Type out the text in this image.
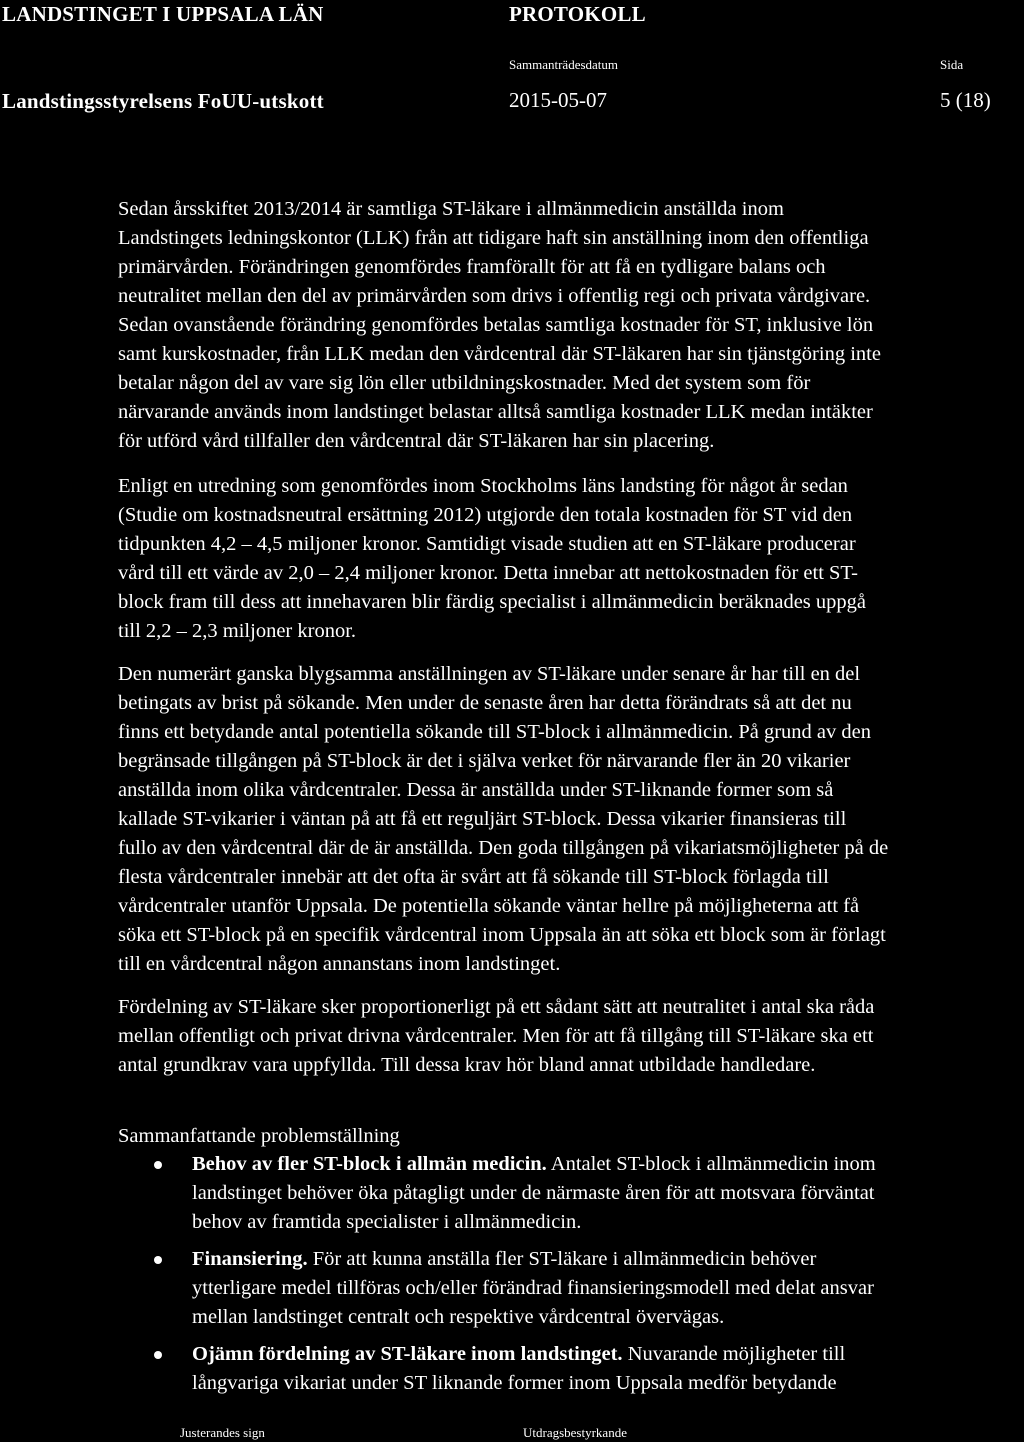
LANDSTINGET I UPPSALA LÄN	PROTOKOLL
Sammanträdesdatum	Sida
Landstingsstyrelsens FoUU-utskott	2015-05-07	5 (18)
Sedan årsskiftet 2013/2014 är samtliga ST-läkare i allmänmedicin anställda inom
Landstingets ledningskontor (LLK) från att tidigare haft sin anställning inom den offentliga
primärvården. Förändringen genomfördes framförallt för att få en tydligare balans och
neutralitet mellan den del av primärvården som drivs i offentlig regi och privata vårdgivare.
Sedan ovanstående förändring genomfördes betalas samtliga kostnader för ST, inklusive lön
samt kurskostnader, från LLK medan den vårdcentral där ST-läkaren har sin tjänstgöring inte
betalar någon del av vare sig lön eller utbildningskostnader. Med det system som för
närvarande används inom landstinget belastar alltså samtliga kostnader LLK medan intäkter
för utförd vård tillfaller den vårdcentral där ST-läkaren har sin placering.
Enligt en utredning som genomfördes inom Stockholms läns landsting för något år sedan
(Studie om kostnadsneutral ersättning 2012) utgjorde den totala kostnaden för ST vid den
tidpunkten 4,2 – 4,5 miljoner kronor. Samtidigt visade studien att en ST-läkare producerar
vård till ett värde av 2,0 – 2,4 miljoner kronor. Detta innebar att nettokostnaden för ett ST-
block fram till dess att innehavaren blir färdig specialist i allmänmedicin beräknades uppgå
till 2,2 – 2,3 miljoner kronor.
Den numerärt ganska blygsamma anställningen av ST-läkare under senare år har till en del
betingats av brist på sökande. Men under de senaste åren har detta förändrats så att det nu
finns ett betydande antal potentiella sökande till ST-block i allmänmedicin. På grund av den
begränsade tillgången på ST-block är det i själva verket för närvarande fler än 20 vikarier
anställda inom olika vårdcentraler. Dessa är anställda under ST-liknande former som så
kallade ST-vikarier i väntan på att få ett reguljärt ST-block. Dessa vikarier finansieras till
fullo av den vårdcentral där de är anställda. Den goda tillgången på vikariatsmöjligheter på de
flesta vårdcentraler innebär att det ofta är svårt att få sökande till ST-block förlagda till
vårdcentraler utanför Uppsala. De potentiella sökande väntar hellre på möjligheterna att få
söka ett ST-block på en specifik vårdcentral inom Uppsala än att söka ett block som är förlagt
till en vårdcentral någon annanstans inom landstinget.
Fördelning av ST-läkare sker proportionerligt på ett sådant sätt att neutralitet i antal ska råda
mellan offentligt och privat drivna vårdcentraler. Men för att få tillgång till ST-läkare ska ett
antal grundkrav vara uppfyllda. Till dessa krav hör bland annat utbildade handledare.
Sammanfattande problemställning
Behov av fler ST-block i allmän medicin. Antalet ST-block i allmänmedicin inom
landstinget behöver öka påtagligt under de närmaste åren för att motsvara förväntat
behov av framtida specialister i allmänmedicin.
Finansiering. För att kunna anställa fler ST-läkare i allmänmedicin behöver
ytterligare medel tillföras och/eller förändrad finansieringsmodell med delat ansvar
mellan landstinget centralt och respektive vårdcentral övervägas.
Ojämn fördelning av ST-läkare inom landstinget. Nuvarande möjligheter till
långvariga vikariat under ST liknande former inom Uppsala medför betydande
Justerandes sign	Utdragsbestyrkande
